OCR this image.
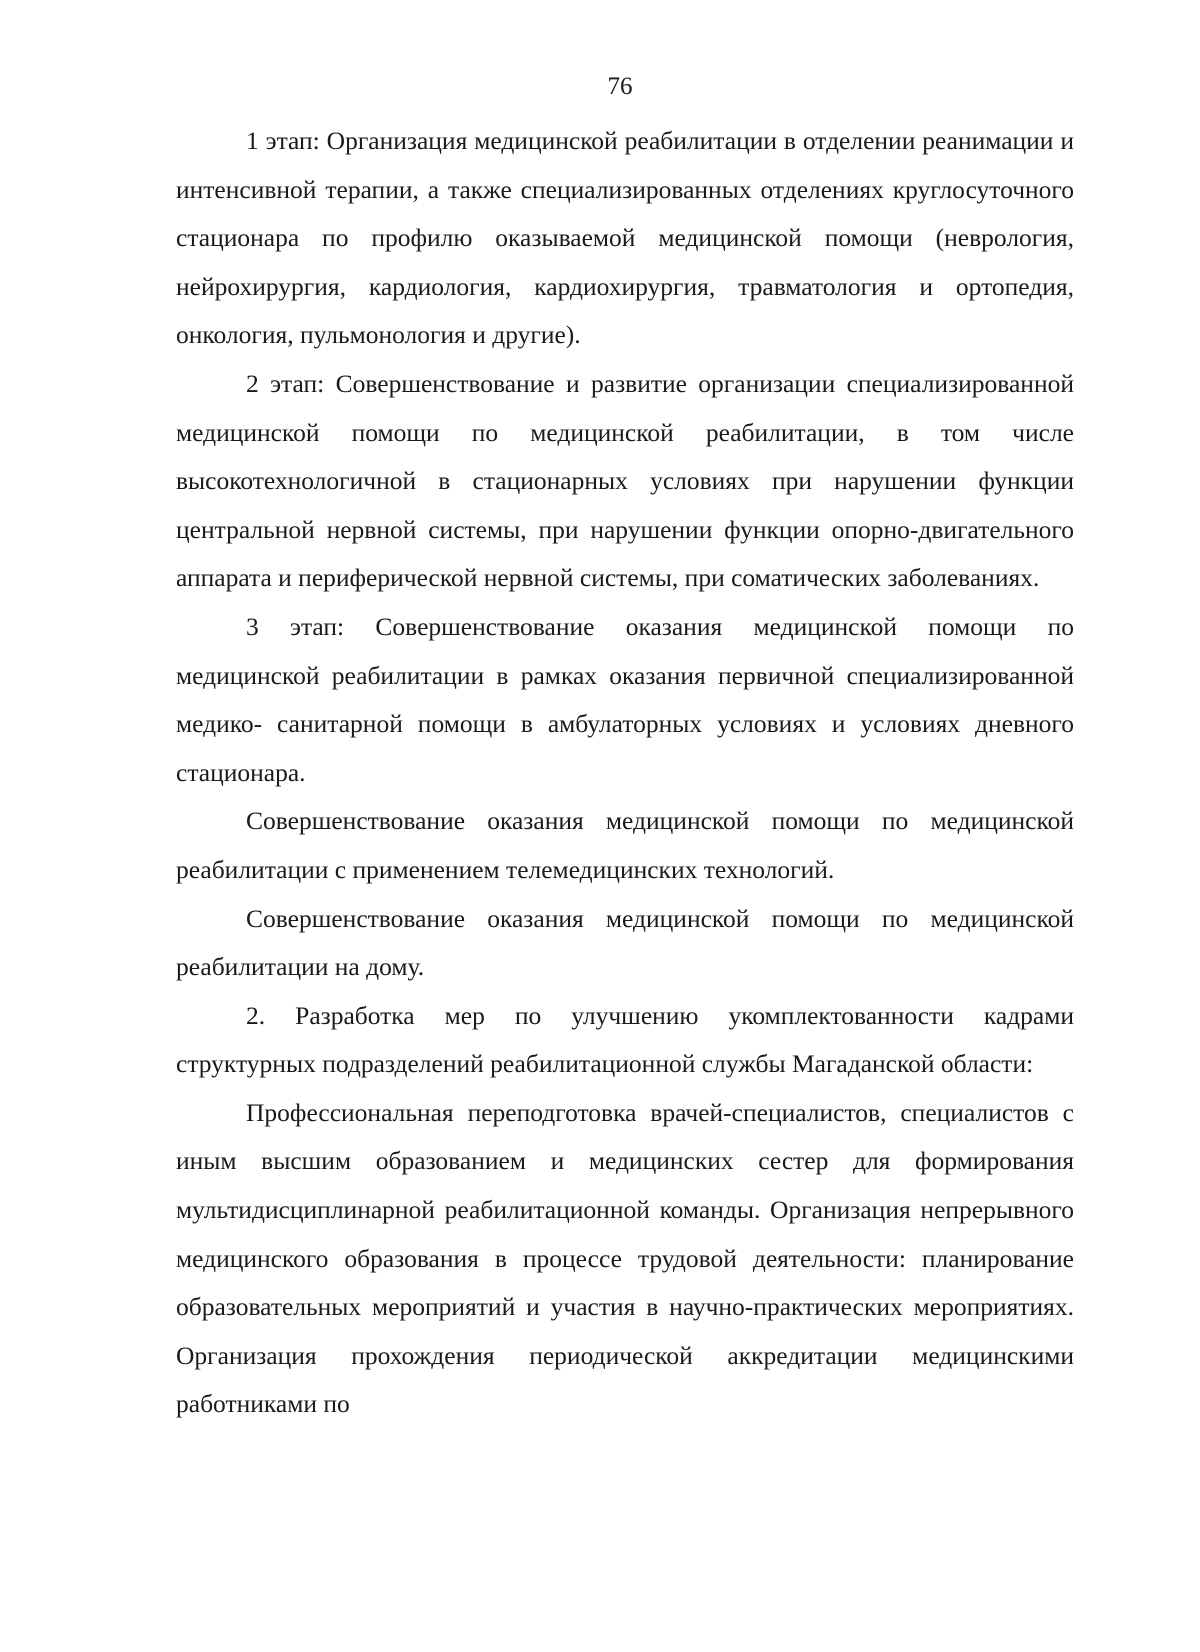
76

1 этап: Организация медицинской реабилитации в отделении реанимации и интенсивной терапии, а также специализированных отделениях круглосуточного стационара по профилю оказываемой медицинской помощи (неврология, нейрохирургия, кардиология, кардиохирургия, травматология и ортопедия, онкология, пульмонология и другие).

2 этап: Совершенствование и развитие организации специализированной медицинской помощи по медицинской реабилитации, в том числе высокотехнологичной в стационарных условиях при нарушении функции центральной нервной системы, при нарушении функции опорно-двигательного аппарата и периферической нервной системы, при соматических заболеваниях.

3 этап: Совершенствование оказания медицинской помощи по медицинской реабилитации в рамках оказания первичной специализированной медико- санитарной помощи в амбулаторных условиях и условиях дневного стационара.

Совершенствование оказания медицинской помощи по медицинской реабилитации с применением телемедицинских технологий.

Совершенствование оказания медицинской помощи по медицинской реабилитации на дому.

2. Разработка мер по улучшению укомплектованности кадрами структурных подразделений реабилитационной службы Магаданской области:

Профессиональная переподготовка врачей-специалистов, специалистов с иным высшим образованием и медицинских сестер для формирования мультидисциплинарной реабилитационной команды. Организация непрерывного медицинского образования в процессе трудовой деятельности: планирование образовательных мероприятий и участия в научно-практических мероприятиях. Организация прохождения периодической аккредитации медицинскими работниками по
